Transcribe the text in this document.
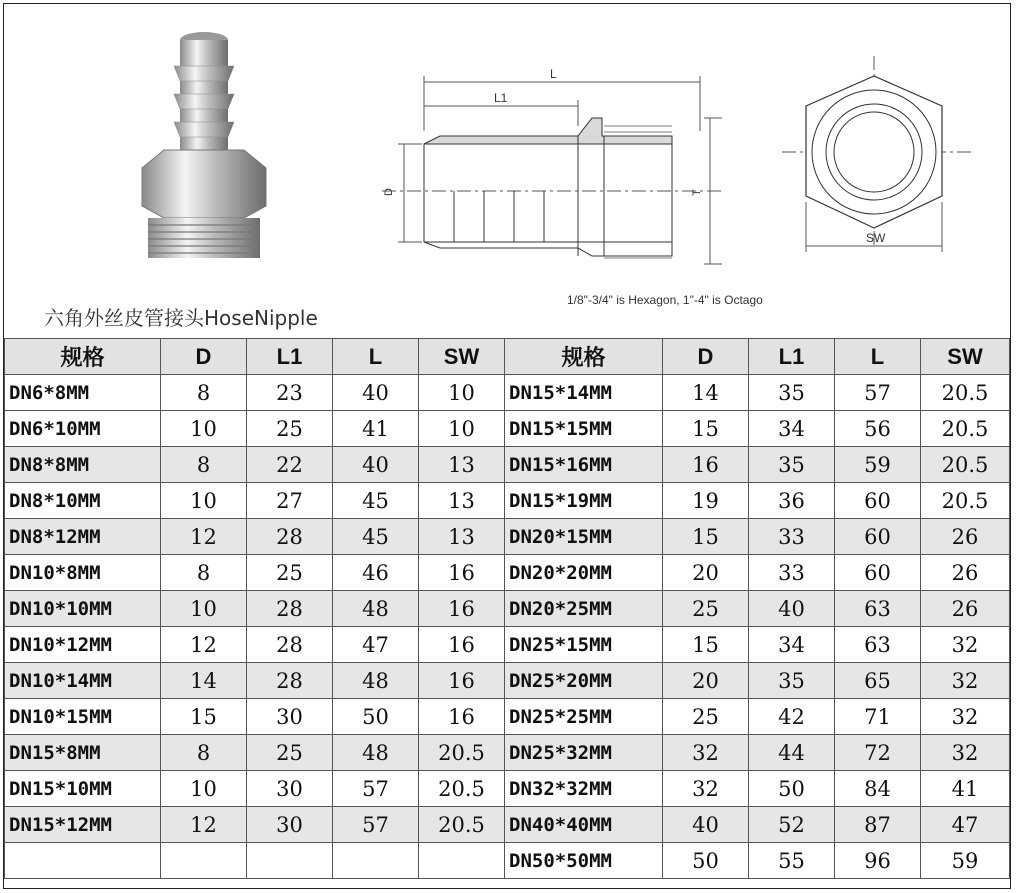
L
L1
D	T
SW
六角外丝皮管接头HoseNipple
1/8"-3/4" is Hexagon, 1"-4" is Octago
规格	D	L1	L	SW	规格	D	L1	L	SW
DN6*8MM	8	23	40	10	DN15*14MM	14	35	57	20.5
DN6*10MM	10	25	41	10	DN15*15MM	15	34	56	20.5
DN8*8MM	8	22	40	13	DN15*16MM	16	35	59	20.5
DN8*10MM	10	27	45	13	DN15*19MM	19	36	60	20.5
DN8*12MM	12	28	45	13	DN20*15MM	15	33	60	26
DN10*8MM	8	25	46	16	DN20*20MM	20	33	60	26
DN10*10MM	10	28	48	16	DN20*25MM	25	40	63	26
DN10*12MM	12	28	47	16	DN25*15MM	15	34	63	32
DN10*14MM	14	28	48	16	DN25*20MM	20	35	65	32
DN10*15MM	15	30	50	16	DN25*25MM	25	42	71	32
DN15*8MM	8	25	48	20.5	DN25*32MM	32	44	72	32
DN15*10MM	10	30	57	20.5	DN32*32MM	32	50	84	41
DN15*12MM	12	30	57	20.5	DN40*40MM	40	52	87	47
					DN50*50MM	50	55	96	59
